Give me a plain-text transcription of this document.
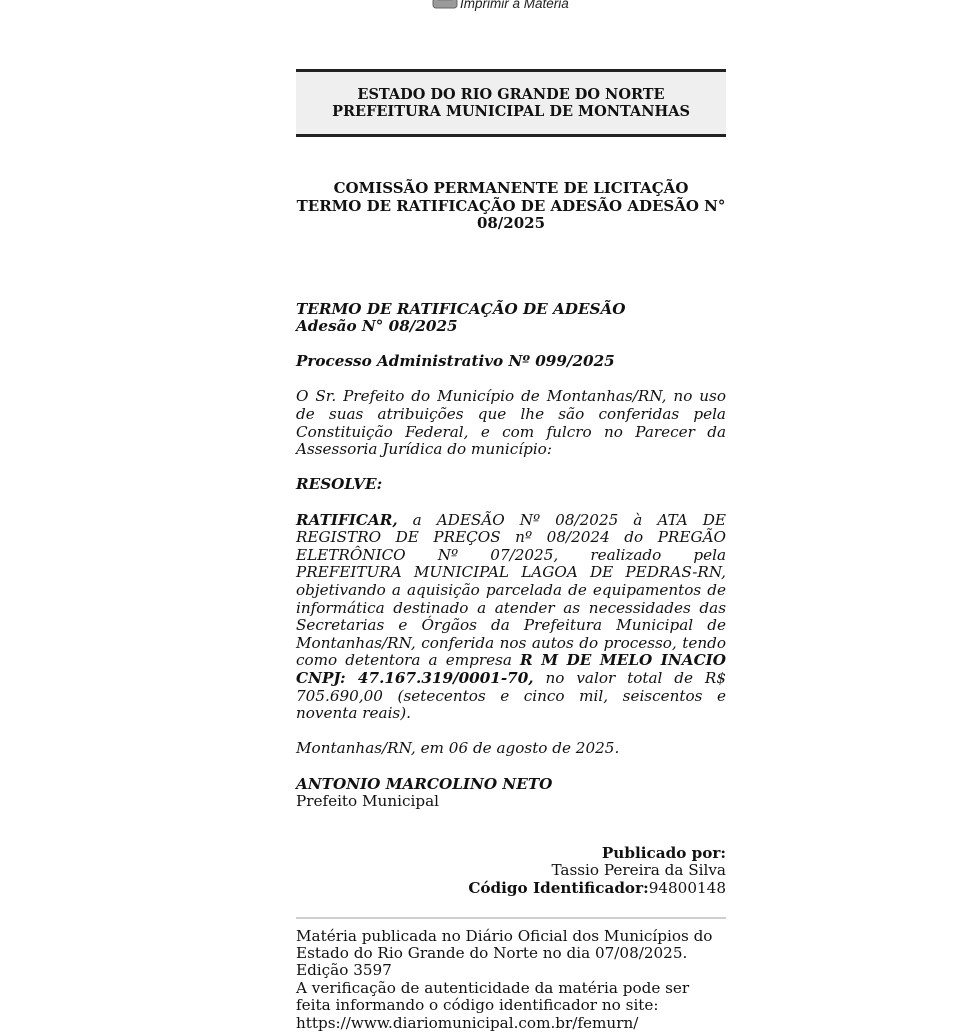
Imprimir a Matéria
ESTADO DO RIO GRANDE DO NORTE
PREFEITURA MUNICIPAL DE MONTANHAS
COMISSÃO PERMANENTE DE LICITAÇÃO
TERMO DE RATIFICAÇÃO DE ADESÃO ADESÃO N°
08/2025

TERMO DE RATIFICAÇÃO DE ADESÃO

Adesão N° 08/2025

Processo Administrativo Nº 099/2025

O Sr. Prefeito do Município de Montanhas/RN, no uso de suas atribuições que lhe são conferidas pela Constituição Federal, e com fulcro no Parecer da Assessoria Jurídica do município:

RESOLVE:

RATIFICAR, a ADESÃO Nº 08/2025 à ATA DE REGISTRO DE PREÇOS nº 08/2024 do PREGÃO ELETRÔNICO Nº 07/2025, realizado pela PREFEITURA MUNICIPAL LAGOA DE PEDRAS-RN, objetivando a aquisição parcelada de equipamentos de informática destinado a atender as necessidades das Secretarias e Órgãos da Prefeitura Municipal de Montanhas/RN, conferida nos autos do processo, tendo como detentora a empresa R M DE MELO INACIO CNPJ: 47.167.319/0001-70, no valor total de R$ 705.690,00 (setecentos e cinco mil, seiscentos e noventa reais).

Montanhas/RN, em 06 de agosto de 2025.

ANTONIO MARCOLINO NETO

Prefeito Municipal

Publicado por:
Tassio Pereira da Silva
Código Identificador:94800148
Matéria publicada no Diário Oficial dos Municípios do Estado do Rio Grande do Norte no dia 07/08/2025. Edição 3597
A verificação de autenticidade da matéria pode ser feita informando o código identificador no site:
https://www.diariomunicipal.com.br/femurn/
